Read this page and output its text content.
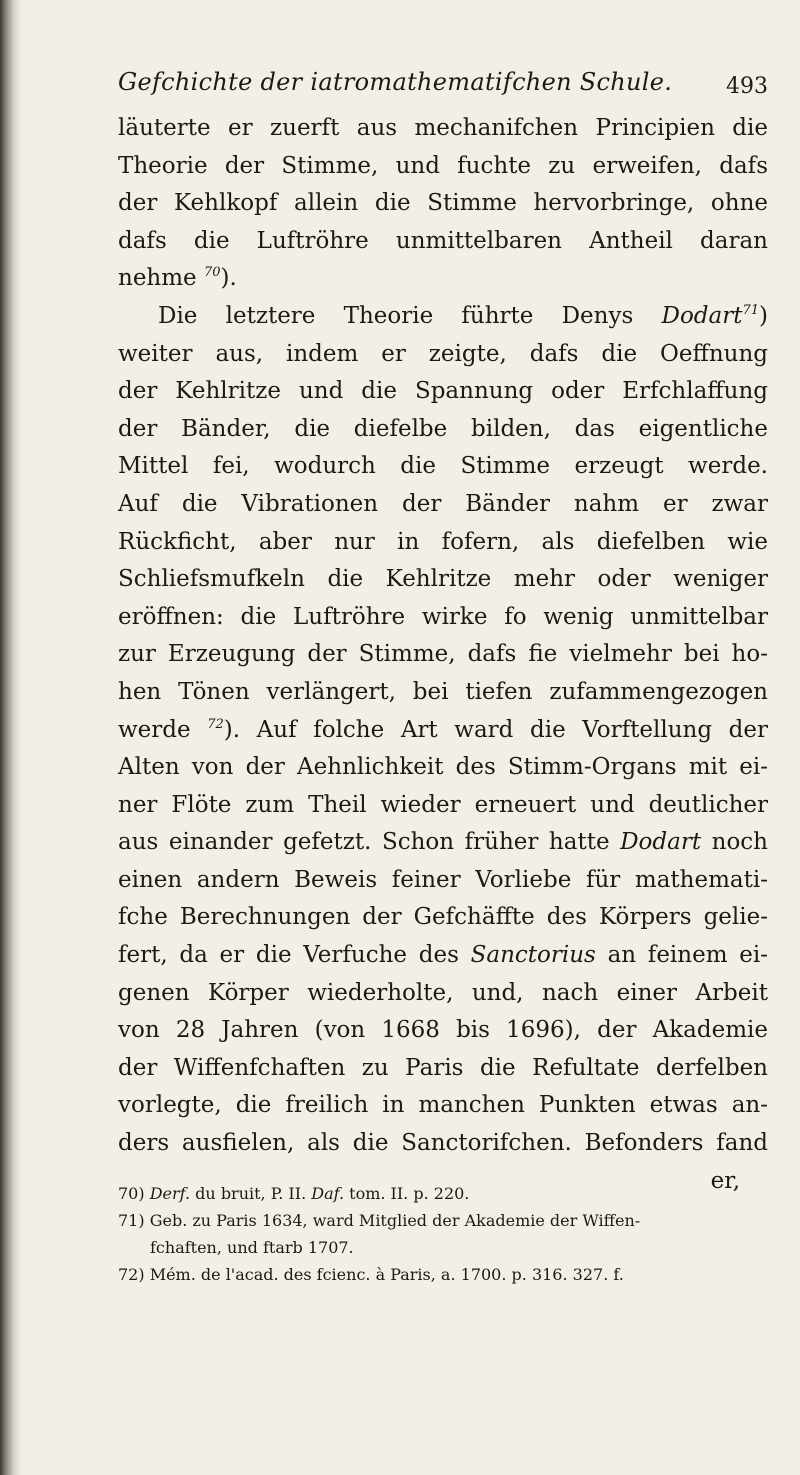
Gefchichte der iatromathematifchen Schule. 493
läuterte er zuerft aus mechanifchen Principien die
Theorie der Stimme, und fuchte zu erweifen, dafs
der Kehlkopf allein die Stimme hervorbringe, ohne
dafs die Luftröhre unmittelbaren Antheil daran
nehme $^{70}$).
Die letztere Theorie führte Denys Dodart$^{71}$)
weiter aus, indem er zeigte, dafs die Oeffnung
der Kehlritze und die Spannung oder Erfchlaffung
der Bänder, die diefelbe bilden, das eigentliche
Mittel fei, wodurch die Stimme erzeugt werde.
Auf die Vibrationen der Bänder nahm er zwar
Rückficht, aber nur in fofern, als diefelben wie
Schliefsmufkeln die Kehlritze mehr oder weniger
eröffnen: die Luftröhre wirke fo wenig unmittelbar
zur Erzeugung der Stimme, dafs fie vielmehr bei ho-
hen Tönen verlängert, bei tiefen zufammengezogen
werde $^{72}$). Auf folche Art ward die Vorftellung der
Alten von der Aehnlichkeit des Stimm-Organs mit ei-
ner Flöte zum Theil wieder erneuert und deutlicher
aus einander gefetzt. Schon früher hatte Dodart noch
einen andern Beweis feiner Vorliebe für mathemati-
fche Berechnungen der Gefchäffte des Körpers gelie-
fert, da er die Verfuche des Sanctorius an feinem ei-
genen Körper wiederholte, und, nach einer Arbeit
von 28 Jahren (von 1668 bis 1696), der Akademie
der Wiffenfchaften zu Paris die Refultate derfelben
vorlegte, die freilich in manchen Punkten etwas an-
ders ausfielen, als die Sanctorifchen. Befonders fand
er,
70) Derf. du bruit, P. II. Daf. tom. II. p. 220.
71) Geb. zu Paris 1634, ward Mitglied der Akademie der Wiffen-
fchaften, und ftarb 1707.
72) Mém. de l'acad. des fcienc. à Paris, a. 1700. p. 316. 327. f.
